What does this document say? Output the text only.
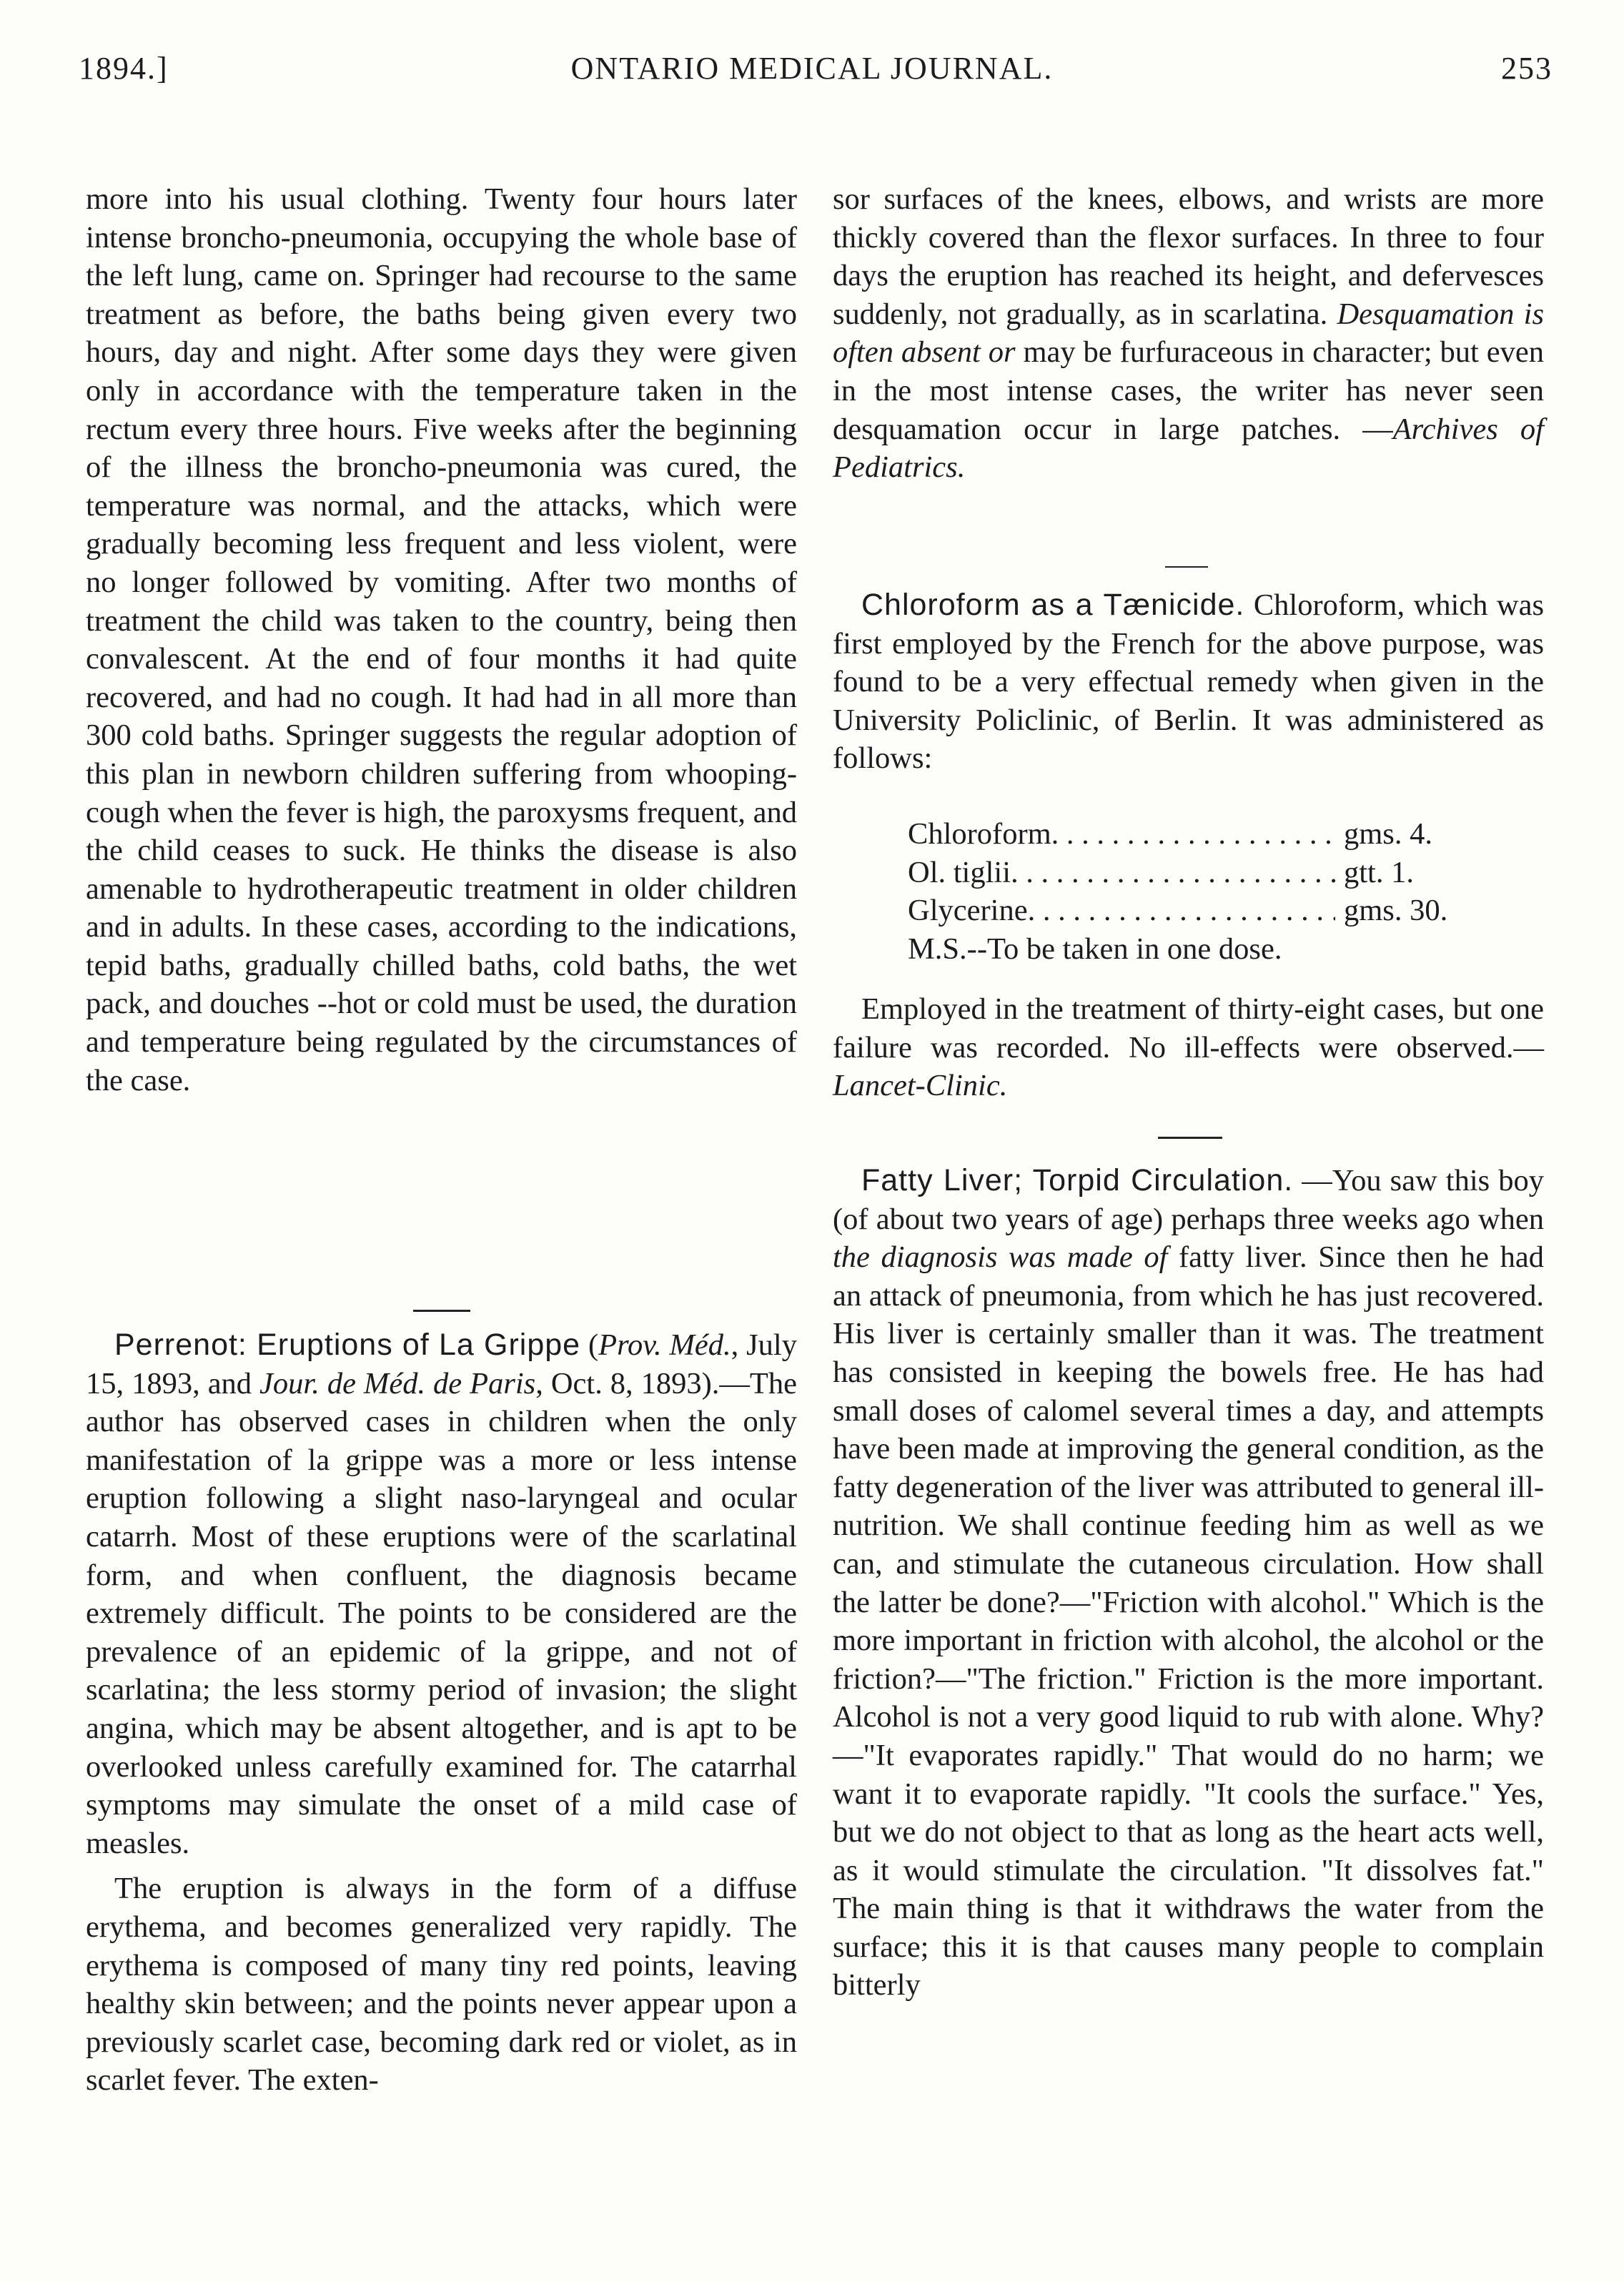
1894.]	ONTARIO MEDICAL JOURNAL.	253

more into his usual clothing. Twenty four hours later intense broncho-pneumonia, occupying the whole base of the left lung, came on. Springer had recourse to the same treatment as before, the baths being given every two hours, day and night. After some days they were given only in accordance with the temperature taken in the rectum every three hours. Five weeks after the beginning of the illness the broncho-pneumonia was cured, the temperature was normal, and the attacks, which were gradually becoming less frequent and less violent, were no longer followed by vomiting. After two months of treatment the child was taken to the country, being then convalescent. At the end of four months it had quite recovered, and had no cough. It had had in all more than 300 cold baths. Springer suggests the regular adoption of this plan in newborn children suffering from whooping-cough when the fever is high, the paroxysms frequent, and the child ceases to suck. He thinks the disease is also amenable to hydrotherapeutic treatment in older children and in adults. In these cases, according to the indications, tepid baths, gradually chilled baths, cold baths, the wet pack, and douches --hot or cold must be used, the duration and temperature being regulated by the circumstances of the case.

Perrenot: Eruptions of La Grippe (Prov. Méd., July 15, 1893, and Jour. de Méd. de Paris, Oct. 8, 1893).—The author has observed cases in children when the only manifestation of la grippe was a more or less intense eruption following a slight naso-laryngeal and ocular catarrh. Most of these eruptions were of the scarlatinal form, and when confluent, the diagnosis became extremely difficult. The points to be considered are the prevalence of an epidemic of la grippe, and not of scarlatina; the less stormy period of invasion; the slight angina, which may be absent altogether, and is apt to be overlooked unless carefully examined for. The catarrhal symptoms may simulate the onset of a mild case of measles.

The eruption is always in the form of a diffuse erythema, and becomes generalized very rapidly. The erythema is composed of many tiny red points, leaving healthy skin between; and the points never appear upon a previously scarlet case, becoming dark red or violet, as in scarlet fever. The exten-

sor surfaces of the knees, elbows, and wrists are more thickly covered than the flexor surfaces. In three to four days the eruption has reached its height, and defervesces suddenly, not gradually, as in scarlatina. Desquamation is often absent or may be furfuraceous in character; but even in the most intense cases, the writer has never seen desquamation occur in large patches. —Archives of Pediatrics.

Chloroform as a Tænicide. Chloroform, which was first employed by the French for the above purpose, was found to be a very effectual remedy when given in the University Policlinic, of Berlin. It was administered as follows:

Chloroform . . .	gms. 4.
Ol. tiglii . . .	gtt. 1.
Glycerine . . .	gms. 30.
M.S.--To be taken in one dose.

Employed in the treatment of thirty-eight cases, but one failure was recorded. No ill-effects were observed.—Lancet-Clinic.

Fatty Liver; Torpid Circulation. —You saw this boy (of about two years of age) perhaps three weeks ago when the diagnosis was made of fatty liver. Since then he had an attack of pneumonia, from which he has just recovered. His liver is certainly smaller than it was. The treatment has consisted in keeping the bowels free. He has had small doses of calomel several times a day, and attempts have been made at improving the general condition, as the fatty degeneration of the liver was attributed to general ill-nutrition. We shall continue feeding him as well as we can, and stimulate the cutaneous circulation. How shall the latter be done?—"Friction with alcohol." Which is the more important in friction with alcohol, the alcohol or the friction?—"The friction." Friction is the more important. Alcohol is not a very good liquid to rub with alone. Why?—"It evaporates rapidly." That would do no harm; we want it to evaporate rapidly. "It cools the surface." Yes, but we do not object to that as long as the heart acts well, as it would stimulate the circulation. "It dissolves fat." The main thing is that it withdraws the water from the surface; this it is that causes many people to complain bitterly
